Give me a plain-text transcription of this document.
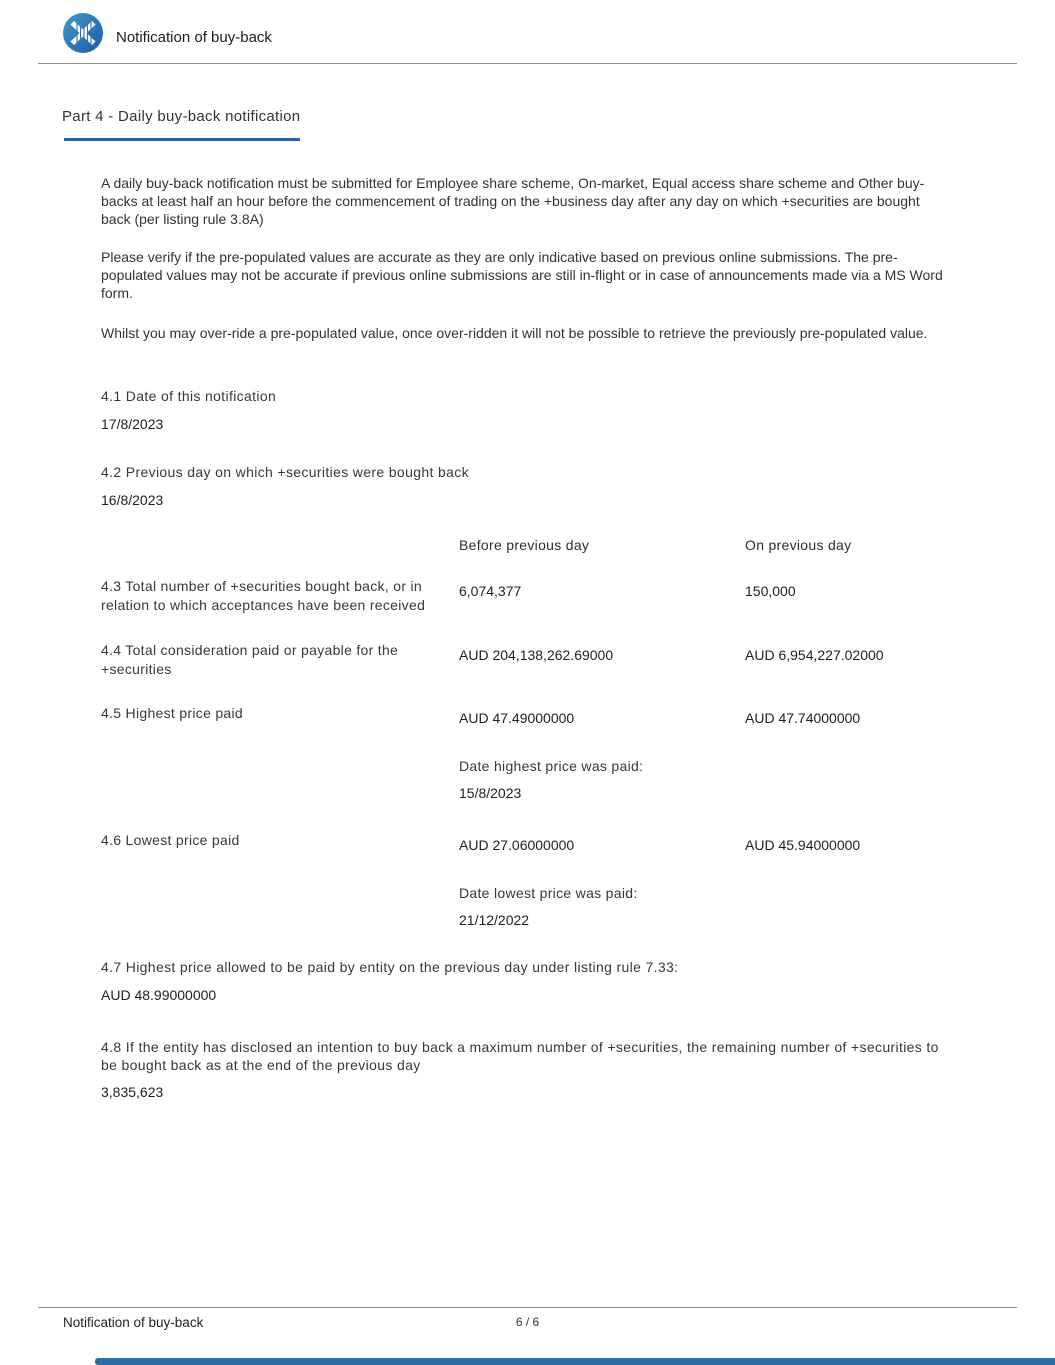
Notification of buy-back
Part 4 - Daily buy-back notification

A daily buy-back notification must be submitted for Employee share scheme, On-market, Equal access share scheme and Other buy-backs at least half an hour before the commencement of trading on the +business day after any day on which +securities are bought back (per listing rule 3.8A)

Please verify if the pre-populated values are accurate as they are only indicative based on previous online submissions. The pre-populated values may not be accurate if previous online submissions are still in-flight or in case of announcements made via a MS Word form.

Whilst you may over-ride a pre-populated value, once over-ridden it will not be possible to retrieve the previously pre-populated value.

4.1 Date of this notification
17/8/2023
4.2 Previous day on which +securities were bought back
16/8/2023
Before previous day	On previous day
4.3 Total number of +securities bought back, or in relation to which acceptances have been received
6,074,377	150,000
4.4 Total consideration paid or payable for the +securities
AUD 204,138,262.69000	AUD 6,954,227.02000
4.5 Highest price paid	AUD 47.49000000	AUD 47.74000000
Date highest price was paid:
15/8/2023
4.6 Lowest price paid	AUD 27.06000000	AUD 45.94000000
Date lowest price was paid:
21/12/2022
4.7 Highest price allowed to be paid by entity on the previous day under listing rule 7.33:
AUD 48.99000000
4.8 If the entity has disclosed an intention to buy back a maximum number of +securities, the remaining number of +securities to be bought back as at the end of the previous day
3,835,623
6 / 6
Notification of buy-back
